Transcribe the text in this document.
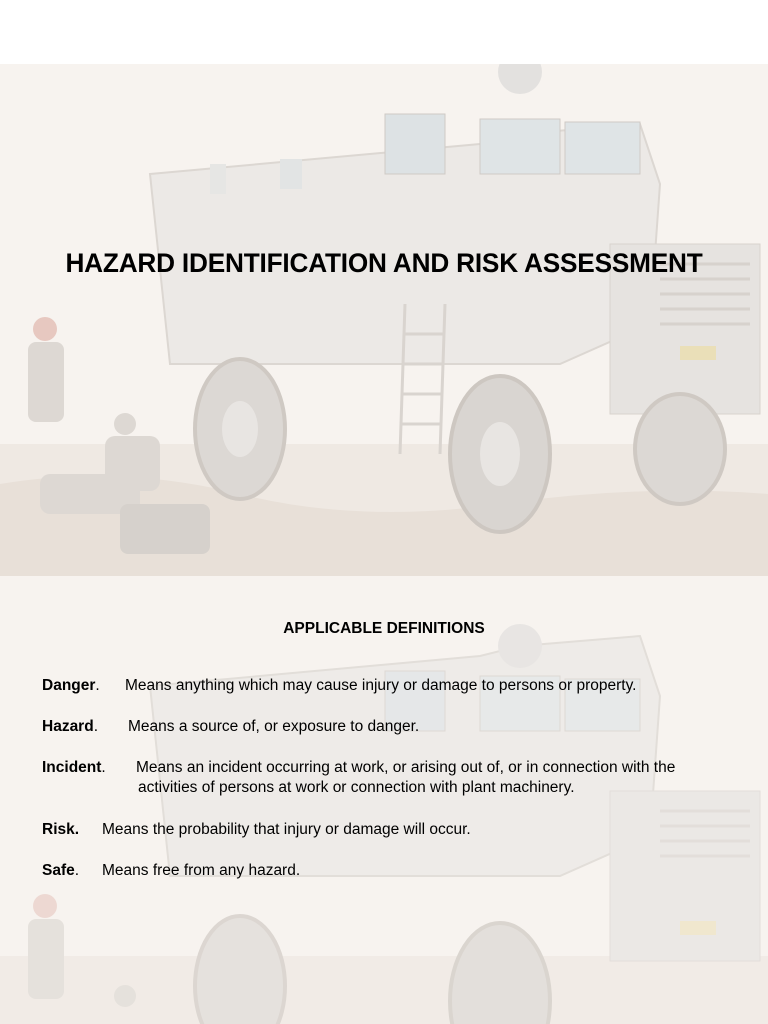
HAZARD IDENTIFICATION AND RISK ASSESSMENT
APPLICABLE DEFINITIONS
Danger. Means anything which may cause injury or damage to persons or property.
Hazard. Means a source of, or exposure to danger.
Incident. Means an incident occurring at work, or arising out of, or in connection with the
activities of persons at work or connection with plant machinery.
Risk. Means the probability that injury or damage will occur.
Safe. Means free from any hazard.
